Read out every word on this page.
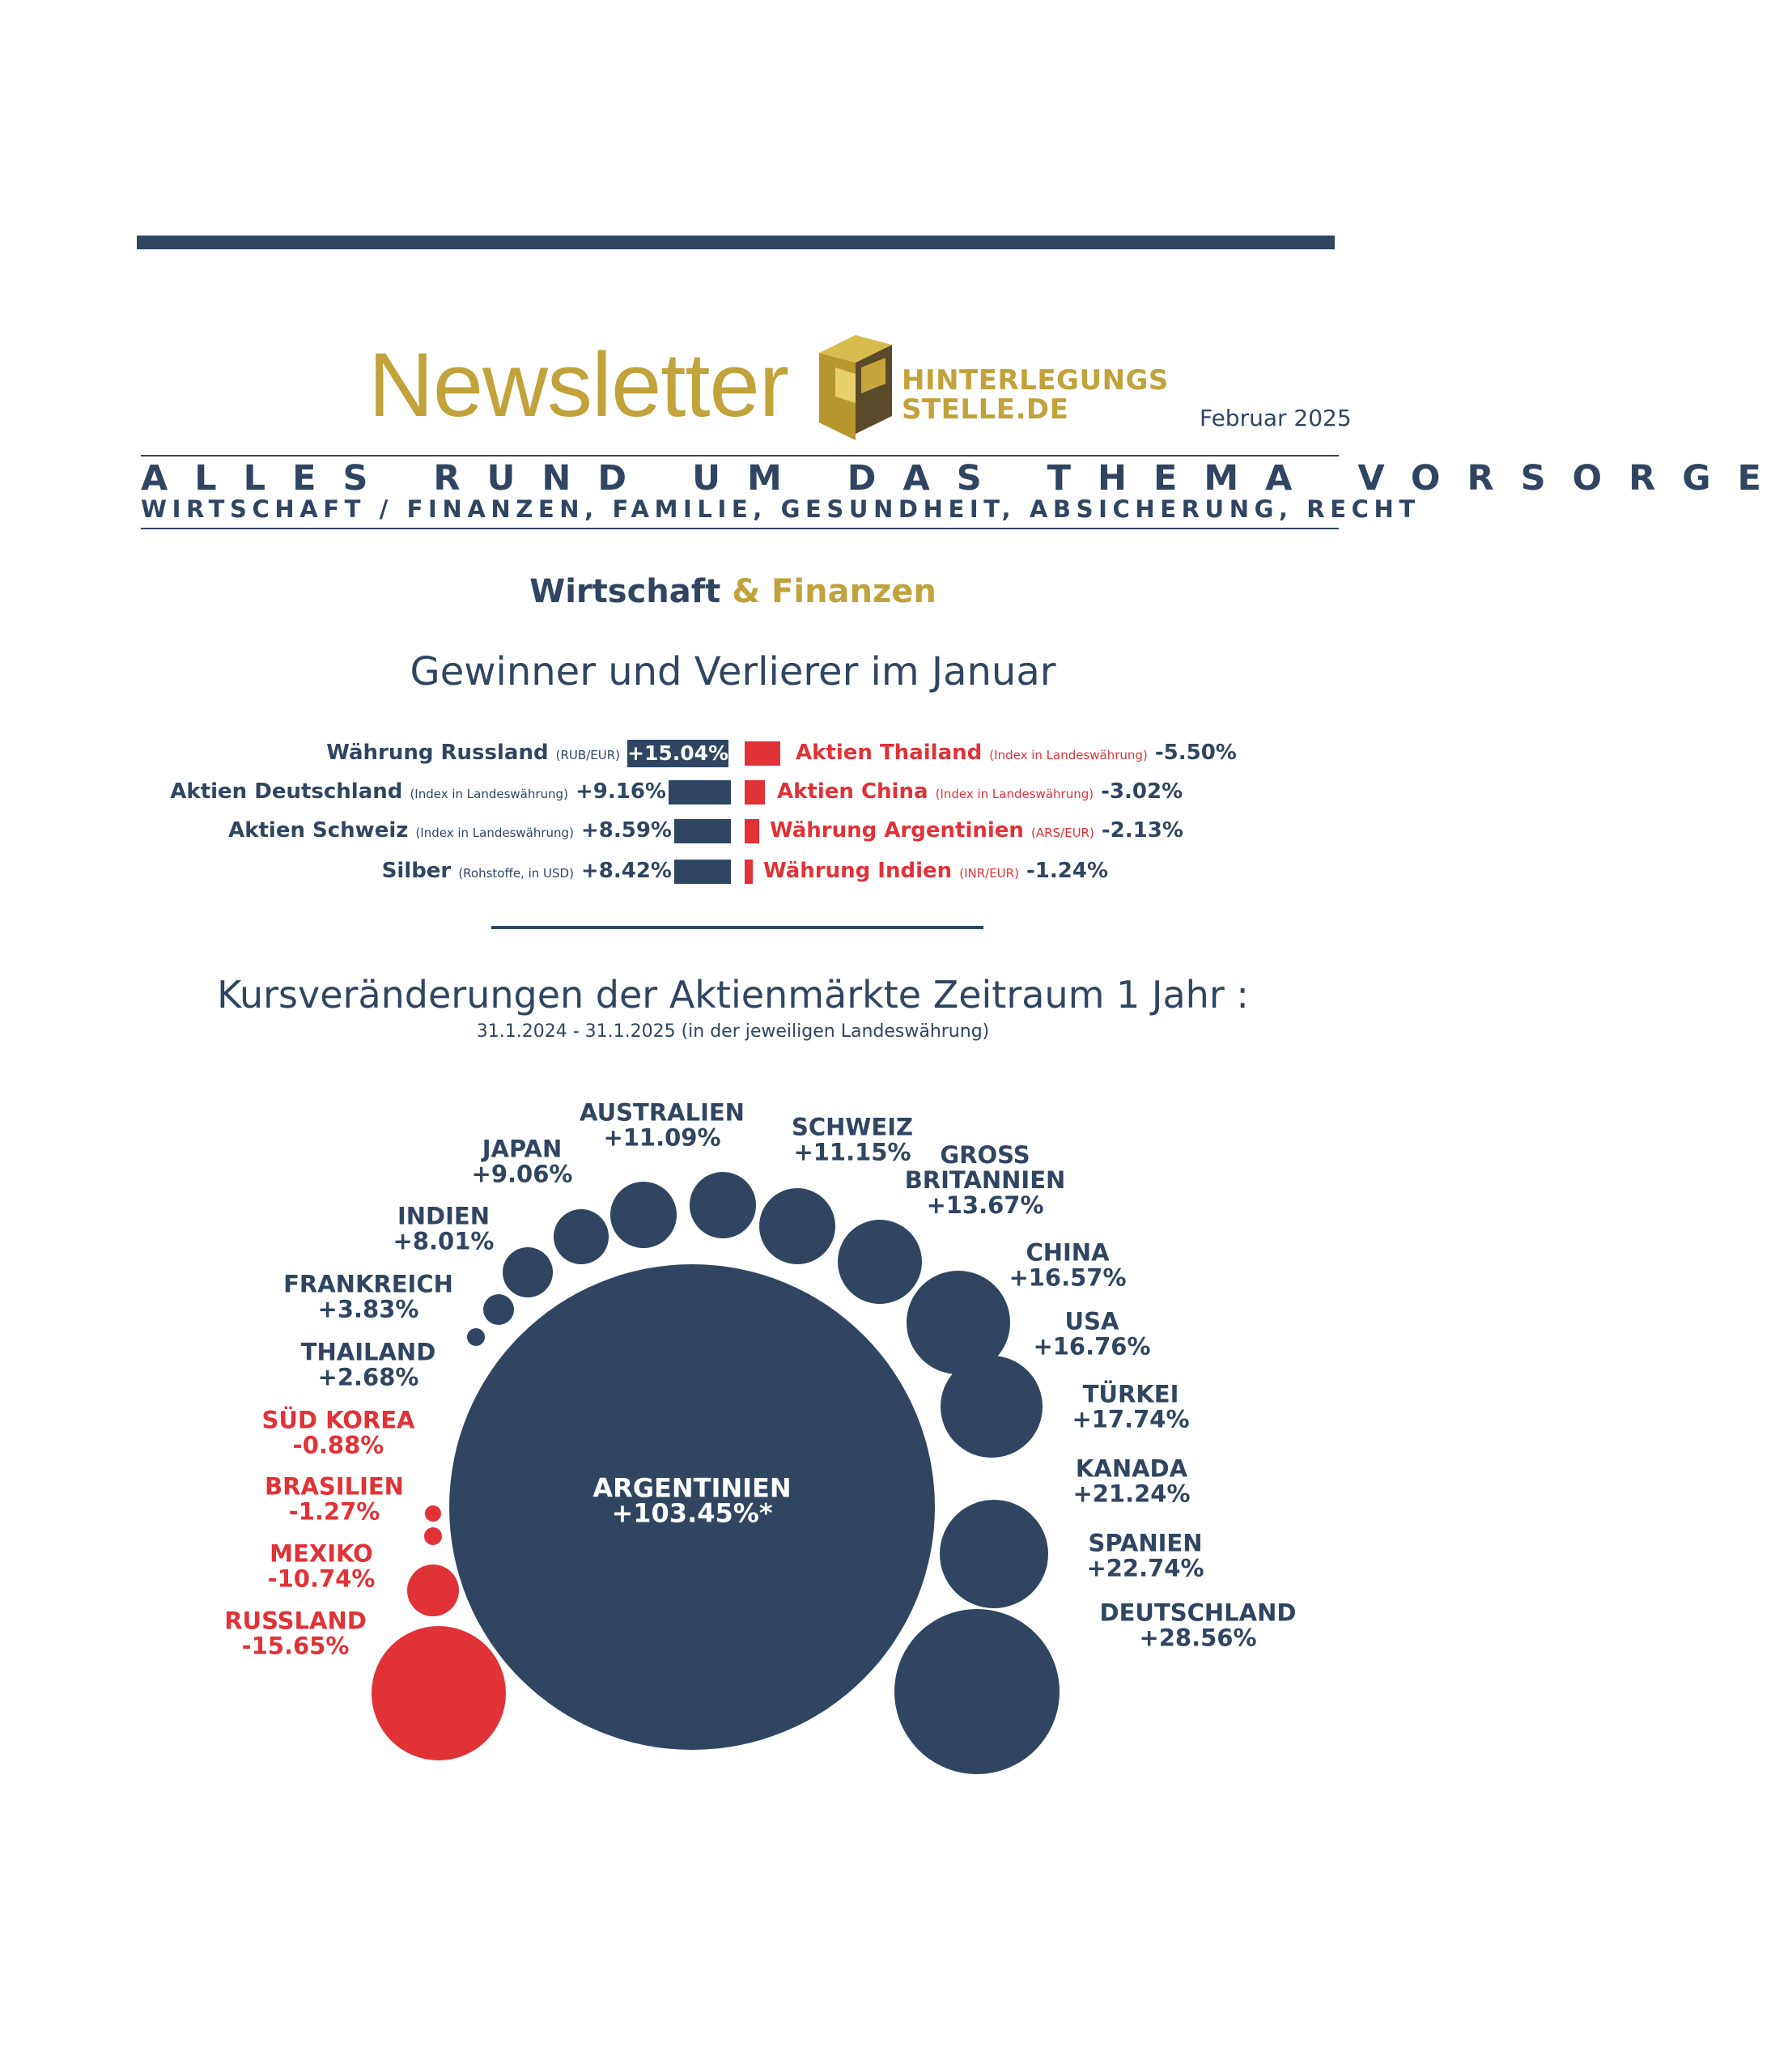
Newsletter	HINTERLEGUNGS
STELLE.DE	Februar 2025
ALLES RUND UM DAS THEMA VORSORGE
WIRTSCHAFT / FINANZEN, FAMILIE, GESUNDHEIT, ABSICHERUNG, RECHT
Wirtschaft & Finanzen
Gewinner und Verlierer im Januar
Währung Russland (RUB/EUR) +15.04%	Aktien Thailand (Index in Landeswährung) -5.50%
Aktien Deutschland (Index in Landeswährung) +9.16%	Aktien China (Index in Landeswährung) -3.02%
Aktien Schweiz (Index in Landeswährung) +8.59%	Währung Argentinien (ARS/EUR) -2.13%
Silber (Rohstoffe, in USD) +8.42%	Währung Indien (INR/EUR) -1.24%
Kursveränderungen der Aktienmärkte Zeitraum 1 Jahr :
31.1.2024 - 31.1.2025 (in der jeweiligen Landeswährung)
ARGENTINIEN
+103.45%*
DEUTSCHLAND
+28.56%
SPANIEN
+22.74%
KANADA
+21.24%
TÜRKEI
+17.74%
USA
+16.76%
CHINA
+16.57%
GROSS
BRITANNIEN
+13.67%
SCHWEIZ
+11.15%
AUSTRALIEN
+11.09%
JAPAN
+9.06%
INDIEN
+8.01%
FRANKREICH
+3.83%
THAILAND
+2.68%
SÜD KOREA
-0.88%
BRASILIEN
-1.27%
MEXIKO
-10.74%
RUSSLAND
-15.65%
